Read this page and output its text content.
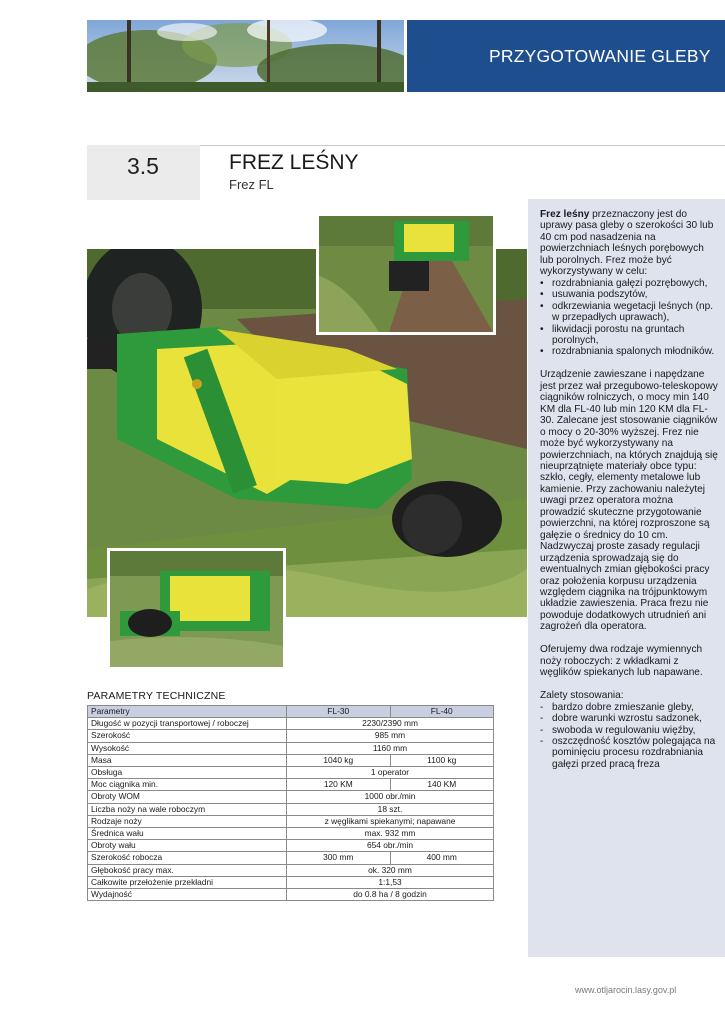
PRZYGOTOWANIE GLEBY
3.5	FREZ LEŚNY
Frez FL
Frez leśny przeznaczony jest do uprawy pasa gleby o szerokości 30 lub 40 cm pod nasadzenia na powierzchniach leśnych porębowych lub porolnych. Frez może być wykorzystywany w celu:
• rozdrabniania gałęzi pozrębowych,
• usuwania podszytów,
• odkrzewiania wegetacji leśnych (np. w przepadłych uprawach),
• likwidacji porostu na gruntach porolnych,
• rozdrabniania spalonych młodników.

Urządzenie zawieszane i napędzane jest przez wał przegubowo-teleskopowy ciągników rolniczych, o mocy min 140 KM dla FL-40 lub min 120 KM dla FL-30. Zalecane jest stosowanie ciągników o mocy o 20-30% wyższej. Frez nie może być wykorzystywany na powierzchniach, na których znajdują się nieuprzątnięte materiały obce typu: szkło, cegły, elementy metalowe lub kamienie. Przy zachowaniu należytej uwagi przez operatora można prowadzić skuteczne przygotowanie powierzchni, na której rozproszone są gałęzie o średnicy do 10 cm. Nadzwyczaj proste zasady regulacji urządzenia sprowadzają się do ewentualnych zmian głębokości pracy oraz położenia korpusu urządzenia względem ciągnika na trójpunktowym układzie zawieszenia. Praca frezu nie powoduje dodatkowych utrudnień ani zagrożeń dla operatora.

Oferujemy dwa rodzaje wymiennych noży roboczych: z wkładkami z węglików spiekanych lub napawane.

Zalety stosowania:
- bardzo dobre zmieszanie gleby,
- dobre warunki wzrostu sadzonek,
- swoboda w regulowaniu więźby,
- oszczędność kosztów polegająca na pominięciu procesu rozdrabniania gałęzi przed pracą freza
PARAMETRY TECHNICZNE
Parametry	FL-30	FL-40
Długość w pozycji transportowej / roboczej	2230/2390 mm	
Szerokość	985 mm	
Wysokość	1160 mm	
Masa	1040 kg	1100 kg
Obsługa	1 operator	
Moc ciągnika min.	120 KM	140 KM
Obroty WOM	1000 obr./min	
Liczba noży na wale roboczym	18 szt.	
Rodzaje noży	z węglikami spiekanymi; napawane	
Średnica wału	max. 932 mm	
Obroty wału	654 obr./min	
Szerokość robocza	300 mm	400 mm
Głębokość pracy max.	ok. 320 mm	
Całkowite przełożenie przekładni	1:1,53	
Wydajność	do 0.8 ha / 8 godzin	
www.otljarocin.lasy.gov.pl
